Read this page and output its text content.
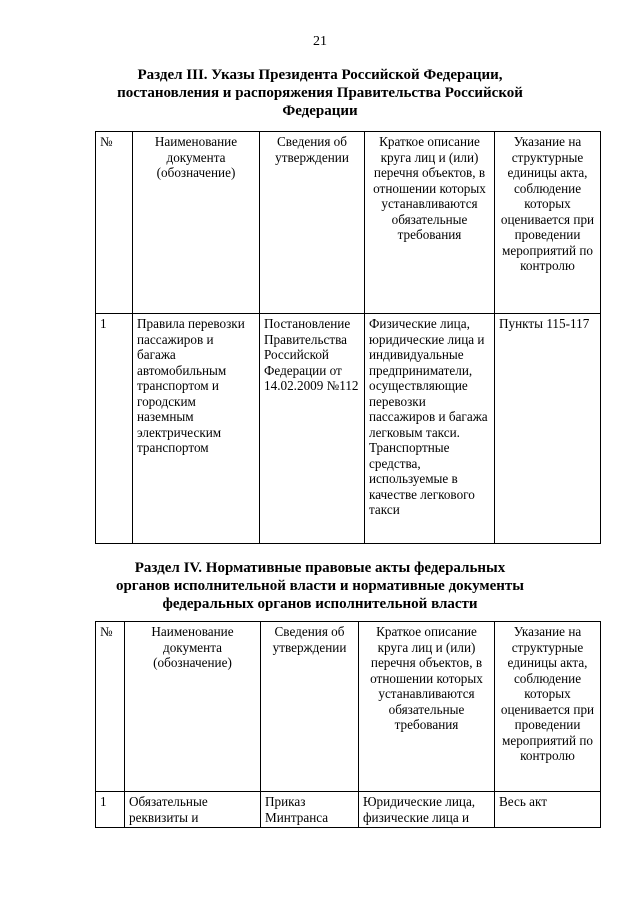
21
Раздел III. Указы Президента Российской Федерации, постановления и распоряжения Правительства Российской Федерации
№	Наименование документа (обозначение)	Сведения об утверждении	Краткое описание круга лиц и (или) перечня объектов, в отношении которых устанавливаются обязательные требования	Указание на структурные единицы акта, соблюдение которых оценивается при проведении мероприятий по контролю
1	Правила перевозки пассажиров и багажа автомобильным транспортом и городским наземным электрическим транспортом	Постановление Правительства Российской Федерации от 14.02.2009 №112	Физические лица, юридические лица и индивидуальные предприниматели, осуществляющие перевозки пассажиров и багажа легковым такси. Транспортные средства, используемые в качестве легкового такси	Пункты 115-117
Раздел IV. Нормативные правовые акты федеральных органов исполнительной власти и нормативные документы федеральных органов исполнительной власти
№	Наименование документа (обозначение)	Сведения об утверждении	Краткое описание круга лиц и (или) перечня объектов, в отношении которых устанавливаются обязательные требования	Указание на структурные единицы акта, соблюдение которых оценивается при проведении мероприятий по контролю
1	Обязательные реквизиты и	Приказ Минтранса	Юридические лица, физические лица и	Весь акт
